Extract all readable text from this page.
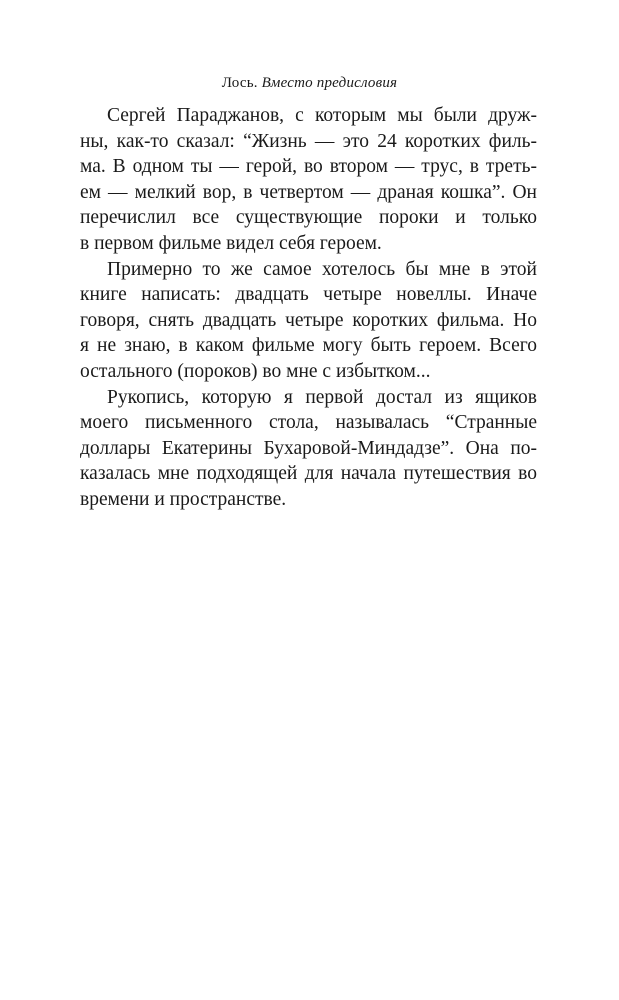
Лось. Вместо предисловия
Сергей Параджанов, с которым мы были друж-
ны, как-то сказал: “Жизнь — это 24 коротких филь-
ма. В одном ты — герой, во втором — трус, в треть-
ем — мелкий вор, в четвертом — драная кошка”. Он
перечислил все существующие пороки и только
в первом фильме видел себя героем.
Примерно то же самое хотелось бы мне в этой
книге написать: двадцать четыре новеллы. Иначе
говоря, снять двадцать четыре коротких фильма. Но
я не знаю, в каком фильме могу быть героем. Всего
остального (пороков) во мне с избытком...
Рукопись, которую я первой достал из ящиков
моего письменного стола, называлась “Странные
доллары Екатерины Бухаровой-Миндадзе”. Она по-
казалась мне подходящей для начала путешествия во
времени и пространстве.
